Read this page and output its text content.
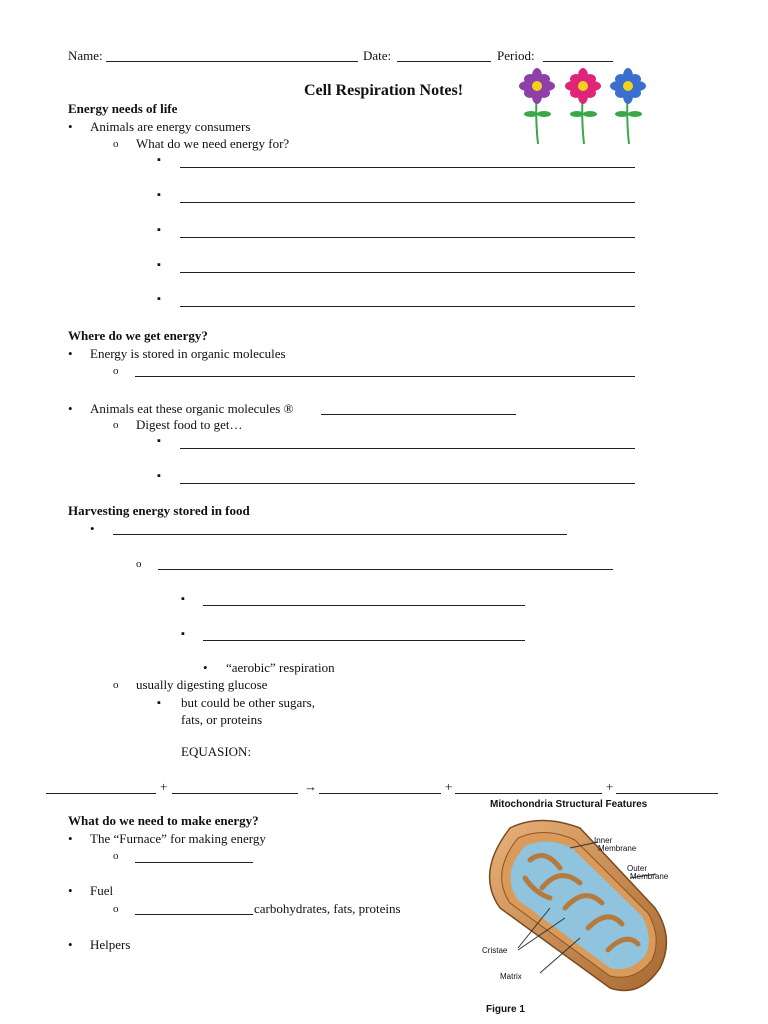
Name:	Date:	Period:
Cell Respiration Notes!
Energy needs of life
• Animals are energy consumers
o What do we need energy for?
▪
▪
▪
▪
▪
Where do we get energy?
• Energy is stored in organic molecules
o
• Animals eat these organic molecules ®
o Digest food to get…
▪
▪
Harvesting energy stored in food
•
o
▪
▪
• “aerobic” respiration
o usually digesting glucose
▪ but could be other sugars,
fats, or proteins
EQUASION:
+	→	+	+
What do we need to make energy?
• The “Furnace” for making energy
o
• Fuel
o	carbohydrates, fats, proteins
• Helpers
Mitochondria Structural Features
Inner
Membrane
Outer
Membrane
Cristae
Matrix
Figure 1
